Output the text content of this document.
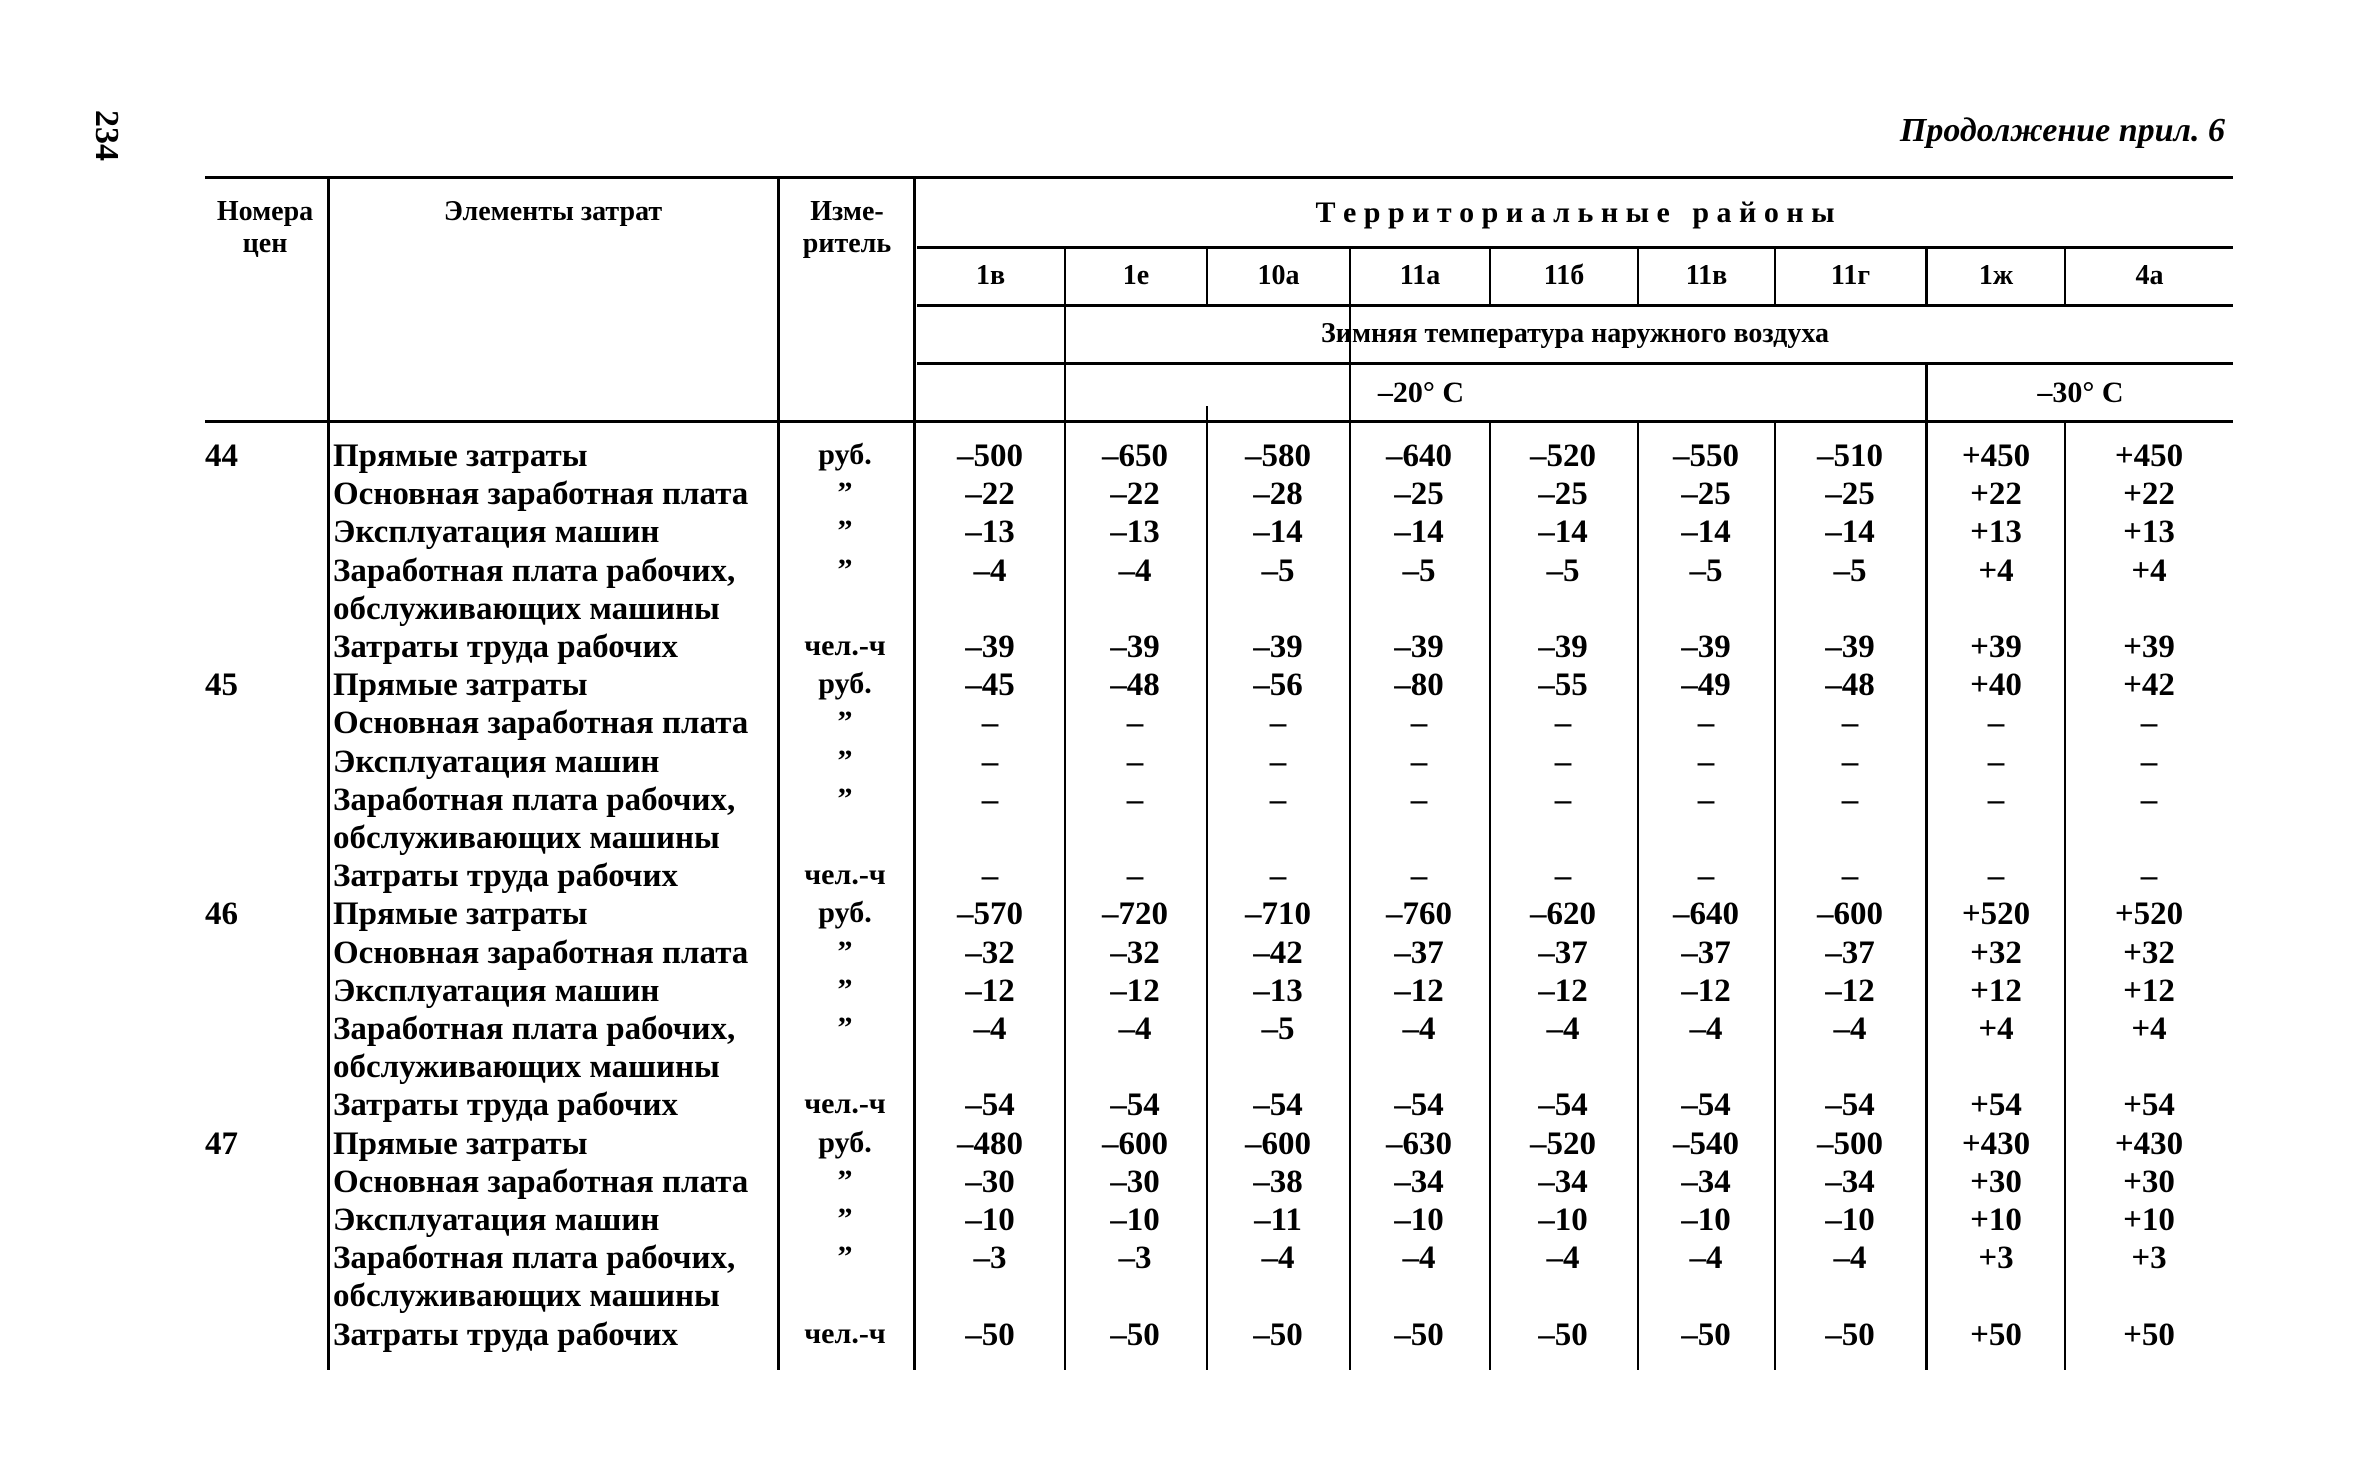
234	Продолжение прил. 6
Номера цен
Элементы затрат	Изме- ритель
Т е р р и т о р и а л ь н ы е   р а й о н ы
1в	1е	10а	11а	11б	11в	11г	1ж	4а
Зимняя температура наружного воздуха
–20° С	–30° С
44	Прямые затраты	руб.	–500	–650	–580	–640	–520	–550	–510	+450	+450
Основная заработная плата	”	–22	–22	–28	–25	–25	–25	–25	+22	+22
Эксплуатация машин	”	–13	–13	–14	–14	–14	–14	–14	+13	+13
Заработная плата рабочих,	”	–4	–4	–5	–5	–5	–5	–5	+4	+4
обслуживающих машины
Затраты труда рабочих	чел.-ч	–39	–39	–39	–39	–39	–39	–39	+39	+39
45	Прямые затраты	руб.	–45	–48	–56	–80	–55	–49	–48	+40	+42
Основная заработная плата	”	–	–	–	–	–	–	–	–	–
Эксплуатация машин	”	–	–	–	–	–	–	–	–	–
Заработная плата рабочих,	”	–	–	–	–	–	–	–	–	–
обслуживающих машины
Затраты труда рабочих	чел.-ч	–	–	–	–	–	–	–	–	–
46	Прямые затраты	руб.	–570	–720	–710	–760	–620	–640	–600	+520	+520
Основная заработная плата	”	–32	–32	–42	–37	–37	–37	–37	+32	+32
Эксплуатация машин	”	–12	–12	–13	–12	–12	–12	–12	+12	+12
Заработная плата рабочих,	”	–4	–4	–5	–4	–4	–4	–4	+4	+4
обслуживающих машины
Затраты труда рабочих	чел.-ч	–54	–54	–54	–54	–54	–54	–54	+54	+54
47	Прямые затраты	руб.	–480	–600	–600	–630	–520	–540	–500	+430	+430
Основная заработная плата	”	–30	–30	–38	–34	–34	–34	–34	+30	+30
Эксплуатация машин	”	–10	–10	–11	–10	–10	–10	–10	+10	+10
Заработная плата рабочих,	”	–3	–3	–4	–4	–4	–4	–4	+3	+3
обслуживающих машины
Затраты труда рабочих	чел.-ч	–50	–50	–50	–50	–50	–50	–50	+50	+50
